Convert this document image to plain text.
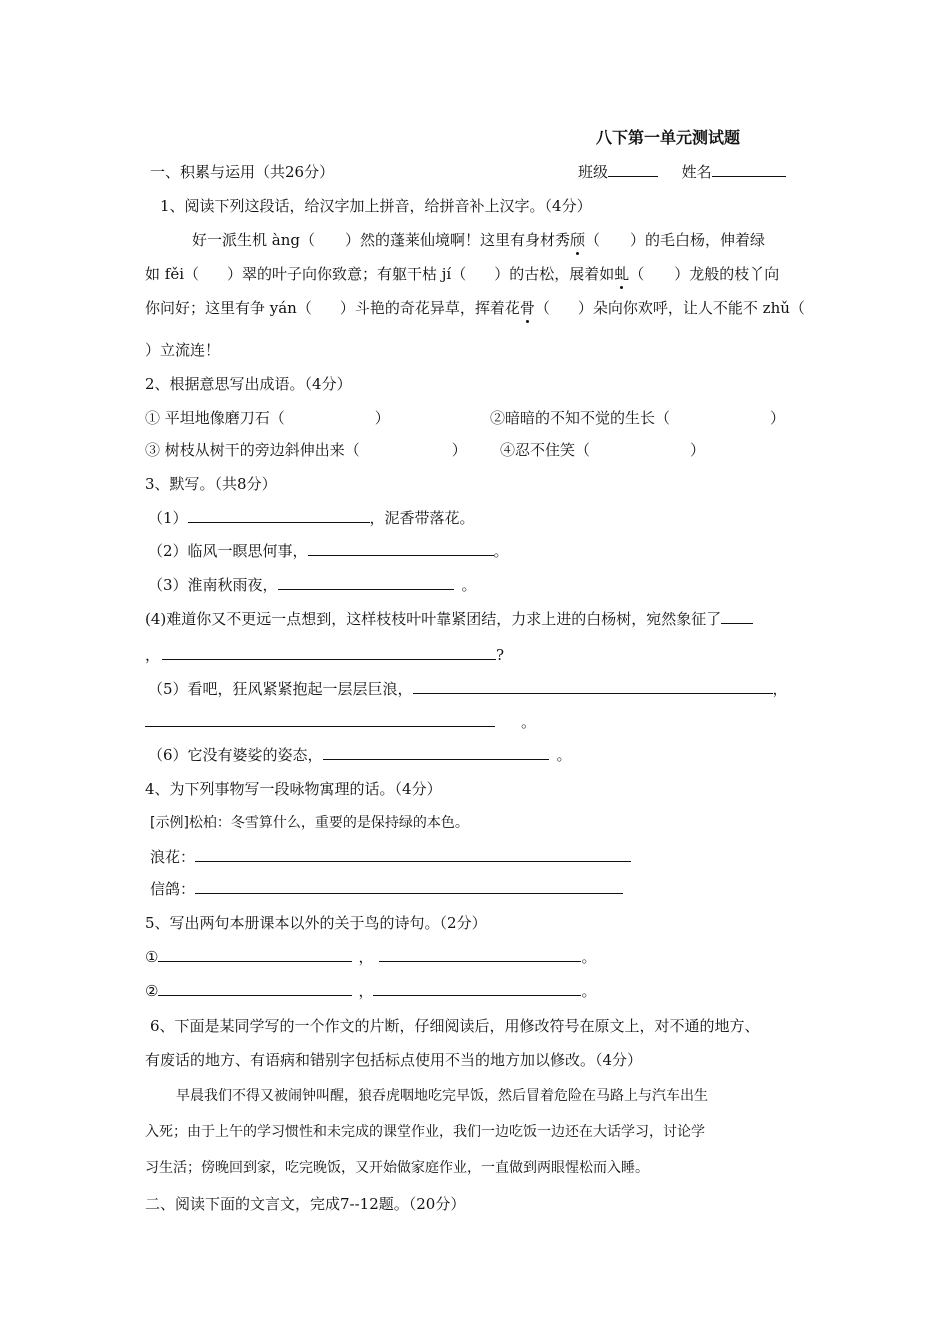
八下第一单元测试题
一、积累与运用（共26分）	班级	姓名
1、阅读下列这段话，给汉字加上拼音，给拼音补上汉字。（4分）
好一派生机 àng（ ）然的蓬莱仙境啊！这里有身材秀颀（ ）的毛白杨，伸着绿
如 fěi（ ）翠的叶子向你致意；有躯干枯 jí（ ）的古松，展着如虬（ ）龙般的枝丫向
你问好；这里有争 yán（ ）斗艳的奇花异草，挥着花骨（ ）朵向你欢呼，让人不能不 zhǔ（
）立流连！
2、根据意思写出成语。（4分）
① 平坦地像磨刀石（	）	②暗暗的不知不觉的生长（	）
③ 树枝从树干的旁边斜伸出来（	） ④忍不住笑（	）
3、默写。（共8分）
（1）	，泥香带落花。
（2）临风一瞑思何事，	。
（3）淮南秋雨夜，	。
(4)难道你又不更远一点想到，这样枝枝叶叶靠紧团结，力求上进的白杨树，宛然象征了
，	?
（5）看吧，狂风紧紧抱起一层层巨浪，	，
。
（6）它没有婆娑的姿态，	。
4、为下列事物写一段咏物寓理的话。（4分）
[示例]松柏：冬雪算什么，重要的是保持绿的本色。
浪花：
信鸽：
5、写出两句本册课本以外的关于鸟的诗句。（2分）
①	，	。
②	，	。
6、下面是某同学写的一个作文的片断，仔细阅读后，用修改符号在原文上，对不通的地方、
有废话的地方、有语病和错别字包括标点使用不当的地方加以修改。（4分）
早晨我们不得又被闹钟叫醒，狼吞虎咽地吃完早饭，然后冒着危险在马路上与汽车出生
入死；由于上午的学习惯性和未完成的课堂作业，我们一边吃饭一边还在大话学习，讨论学
习生活；傍晚回到家，吃完晚饭，又开始做家庭作业，一直做到两眼惺松而入睡。
二、阅读下面的文言文，完成7--12题。（20分）
